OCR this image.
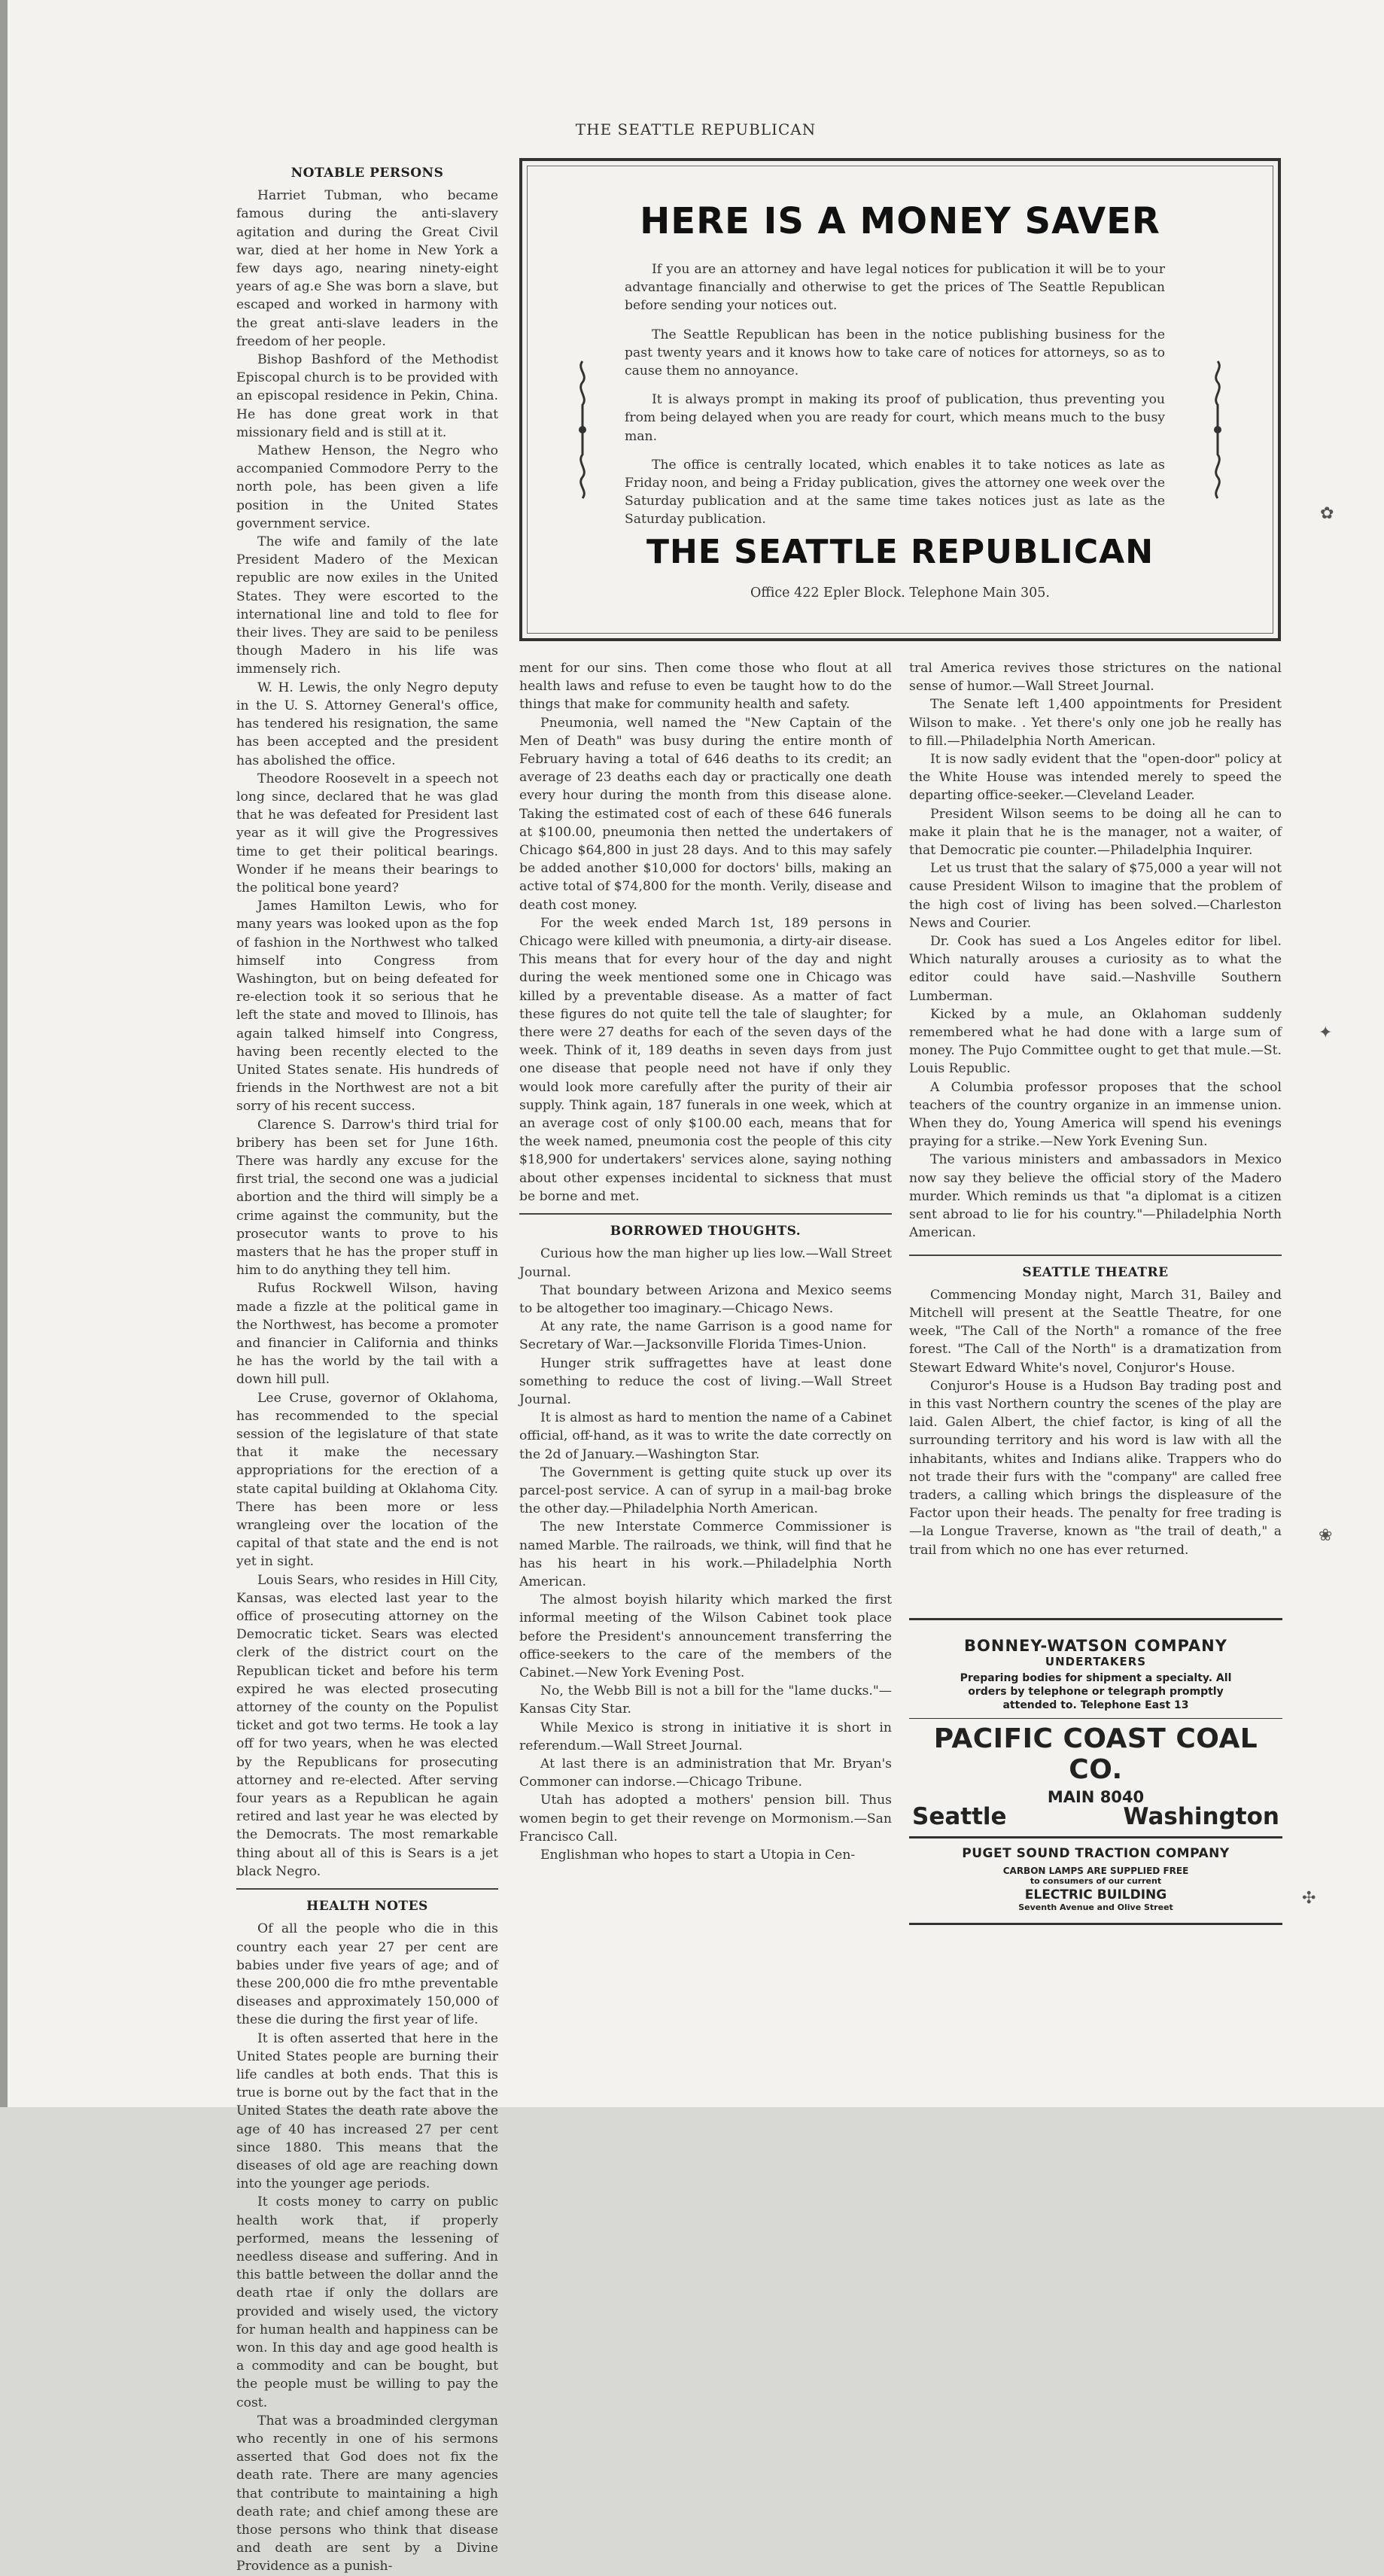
THE SEATTLE REPUBLICAN
NOTABLE PERSONS

Harriet Tubman, who became famous during the anti-slavery agitation and during the Great Civil war, died at her home in New York a few days ago, nearing ninety-eight years of ag.e She was born a slave, but escaped and worked in harmony with the great anti-slave leaders in the freedom of her people.

Bishop Bashford of the Methodist Episcopal church is to be provided with an episcopal residence in Pekin, China. He has done great work in that missionary field and is still at it.

Mathew Henson, the Negro who accompanied Commodore Perry to the north pole, has been given a life position in the United States government service.

The wife and family of the late President Madero of the Mexican republic are now exiles in the United States. They were escorted to the international line and told to flee for their lives. They are said to be peniless though Madero in his life was immensely rich.

W. H. Lewis, the only Negro deputy in the U. S. Attorney General's office, has tendered his resignation, the same has been accepted and the president has abolished the office.

Theodore Roosevelt in a speech not long since, declared that he was glad that he was defeated for President last year as it will give the Progressives time to get their political bearings. Wonder if he means their bearings to the political bone yeard?

James Hamilton Lewis, who for many years was looked upon as the fop of fashion in the Northwest who talked himself into Congress from Washington, but on being defeated for re-election took it so serious that he left the state and moved to Illinois, has again talked himself into Congress, having been recently elected to the United States senate. His hundreds of friends in the Northwest are not a bit sorry of his recent success.

Clarence S. Darrow's third trial for bribery has been set for June 16th. There was hardly any excuse for the first trial, the second one was a judicial abortion and the third will simply be a crime against the community, but the prosecutor wants to prove to his masters that he has the proper stuff in him to do anything they tell him.

Rufus Rockwell Wilson, having made a fizzle at the political game in the Northwest, has become a promoter and financier in California and thinks he has the world by the tail with a down hill pull.

Lee Cruse, governor of Oklahoma, has recommended to the special session of the legislature of that state that it make the necessary appropriations for the erection of a state capital building at Oklahoma City. There has been more or less wrangleing over the location of the capital of that state and the end is not yet in sight.

Louis Sears, who resides in Hill City, Kansas, was elected last year to the office of prosecuting attorney on the Democratic ticket. Sears was elected clerk of the district court on the Republican ticket and before his term expired he was elected prosecuting attorney of the county on the Populist ticket and got two terms. He took a lay off for two years, when he was elected by the Republicans for prosecuting attorney and re-elected. After serving four years as a Republican he again retired and last year he was elected by the Democrats. The most remarkable thing about all of this is Sears is a jet black Negro.

HEALTH NOTES

Of all the people who die in this country each year 27 per cent are babies under five years of age; and of these 200,000 die fro mthe preventable diseases and approximately 150,000 of these die during the first year of life.

It is often asserted that here in the United States people are burning their life candles at both ends. That this is true is borne out by the fact that in the United States the death rate above the age of 40 has increased 27 per cent since 1880. This means that the diseases of old age are reaching down into the younger age periods.

It costs money to carry on public health work that, if properly performed, means the lessening of needless disease and suffering. And in this battle between the dollar annd the death rtae if only the dollars are provided and wisely used, the victory for human health and happiness can be won. In this day and age good health is a commodity and can be bought, but the people must be willing to pay the cost.

That was a broadminded clergyman who recently in one of his sermons asserted that God does not fix the death rate. There are many agencies that contribute to maintaining a high death rate; and chief among these are those persons who think that disease and death are sent by a Divine Providence as a punish-

HERE IS A MONEY SAVER

If you are an attorney and have legal notices for publication it will be to your advantage financially and otherwise to get the prices of The Seattle Republican before sending your notices out.

The Seattle Republican has been in the notice publishing business for the past twenty years and it knows how to take care of notices for attorneys, so as to cause them no annoyance.

It is always prompt in making its proof of publication, thus preventing you from being delayed when you are ready for court, which means much to the busy man.

The office is centrally located, which enables it to take notices as late as Friday noon, and being a Friday publication, gives the attorney one week over the Saturday publication and at the same time takes notices just as late as the Saturday publication.

THE SEATTLE REPUBLICAN
Office 422 Epler Block. Telephone Main 305.

ment for our sins. Then come those who flout at all health laws and refuse to even be taught how to do the things that make for community health and safety.

Pneumonia, well named the "New Captain of the Men of Death" was busy during the entire month of February having a total of 646 deaths to its credit; an average of 23 deaths each day or practically one death every hour during the month from this disease alone. Taking the estimated cost of each of these 646 funerals at $100.00, pneumonia then netted the undertakers of Chicago $64,800 in just 28 days. And to this may safely be added another $10,000 for doctors' bills, making an active total of $74,800 for the month. Verily, disease and death cost money.

For the week ended March 1st, 189 persons in Chicago were killed with pneumonia, a dirty-air disease. This means that for every hour of the day and night during the week mentioned some one in Chicago was killed by a preventable disease. As a matter of fact these figures do not quite tell the tale of slaughter; for there were 27 deaths for each of the seven days of the week. Think of it, 189 deaths in seven days from just one disease that people need not have if only they would look more carefully after the purity of their air supply. Think again, 187 funerals in one week, which at an average cost of only $100.00 each, means that for the week named, pneumonia cost the people of this city $18,900 for undertakers' services alone, saying nothing about other expenses incidental to sickness that must be borne and met.

BORROWED THOUGHTS.

Curious how the man higher up lies low.—Wall Street Journal.

That boundary between Arizona and Mexico seems to be altogether too imaginary.—Chicago News.

At any rate, the name Garrison is a good name for Secretary of War.—Jacksonville Florida Times-Union.

Hunger strik suffragettes have at least done something to reduce the cost of living.—Wall Street Journal.

It is almost as hard to mention the name of a Cabinet official, off-hand, as it was to write the date correctly on the 2d of January.—Washington Star.

The Government is getting quite stuck up over its parcel-post service. A can of syrup in a mail-bag broke the other day.—Philadelphia North American.

The new Interstate Commerce Commissioner is named Marble. The railroads, we think, will find that he has his heart in his work.—Philadelphia North American.

The almost boyish hilarity which marked the first informal meeting of the Wilson Cabinet took place before the President's announcement transferring the office-seekers to the care of the members of the Cabinet.—New York Evening Post.

No, the Webb Bill is not a bill for the "lame ducks."—Kansas City Star.

While Mexico is strong in initiative it is short in referendum.—Wall Street Journal.

At last there is an administration that Mr. Bryan's Commoner can indorse.—Chicago Tribune.

Utah has adopted a mothers' pension bill. Thus women begin to get their revenge on Mormonism.—San Francisco Call.

Englishman who hopes to start a Utopia in Cen-

tral America revives those strictures on the national sense of humor.—Wall Street Journal.

The Senate left 1,400 appointments for President Wilson to make. . Yet there's only one job he really has to fill.—Philadelphia North American.

It is now sadly evident that the "open-door" policy at the White House was intended merely to speed the departing office-seeker.—Cleveland Leader.

President Wilson seems to be doing all he can to make it plain that he is the manager, not a waiter, of that Democratic pie counter.—Philadelphia Inquirer.

Let us trust that the salary of $75,000 a year will not cause President Wilson to imagine that the problem of the high cost of living has been solved.—Charleston News and Courier.

Dr. Cook has sued a Los Angeles editor for libel. Which naturally arouses a curiosity as to what the editor could have said.—Nashville Southern Lumberman.

Kicked by a mule, an Oklahoman suddenly remembered what he had done with a large sum of money. The Pujo Committee ought to get that mule.—St. Louis Republic.

A Columbia professor proposes that the school teachers of the country organize in an immense union. When they do, Young America will spend his evenings praying for a strike.—New York Evening Sun.

The various ministers and ambassadors in Mexico now say they believe the official story of the Madero murder. Which reminds us that "a diplomat is a citizen sent abroad to lie for his country."—Philadelphia North American.

SEATTLE THEATRE

Commencing Monday night, March 31, Bailey and Mitchell will present at the Seattle Theatre, for one week, "The Call of the North" a romance of the free forest. "The Call of the North" is a dramatization from Stewart Edward White's novel, Conjuror's House.

Conjuror's House is a Hudson Bay trading post and in this vast Northern country the scenes of the play are laid. Galen Albert, the chief factor, is king of all the surrounding territory and his word is law with all the inhabitants, whites and Indians alike. Trappers who do not trade their furs with the "company" are called free traders, a calling which brings the displeasure of the Factor upon their heads. The penalty for free trading is—la Longue Traverse, known as "the trail of death," a trail from which no one has ever returned.

BONNEY-WATSON COMPANY
UNDERTAKERS
Preparing bodies for shipment a specialty. All orders by telephone or telegraph promptly attended to. Telephone East 13
PACIFIC COAST COAL CO.
MAIN 8040
Seattle	Washington
PUGET SOUND TRACTION COMPANY
CARBON LAMPS ARE SUPPLIED FREE
to consumers of our current
ELECTRIC BUILDING
Seventh Avenue and Olive Street
✿
✦
❀
✣
